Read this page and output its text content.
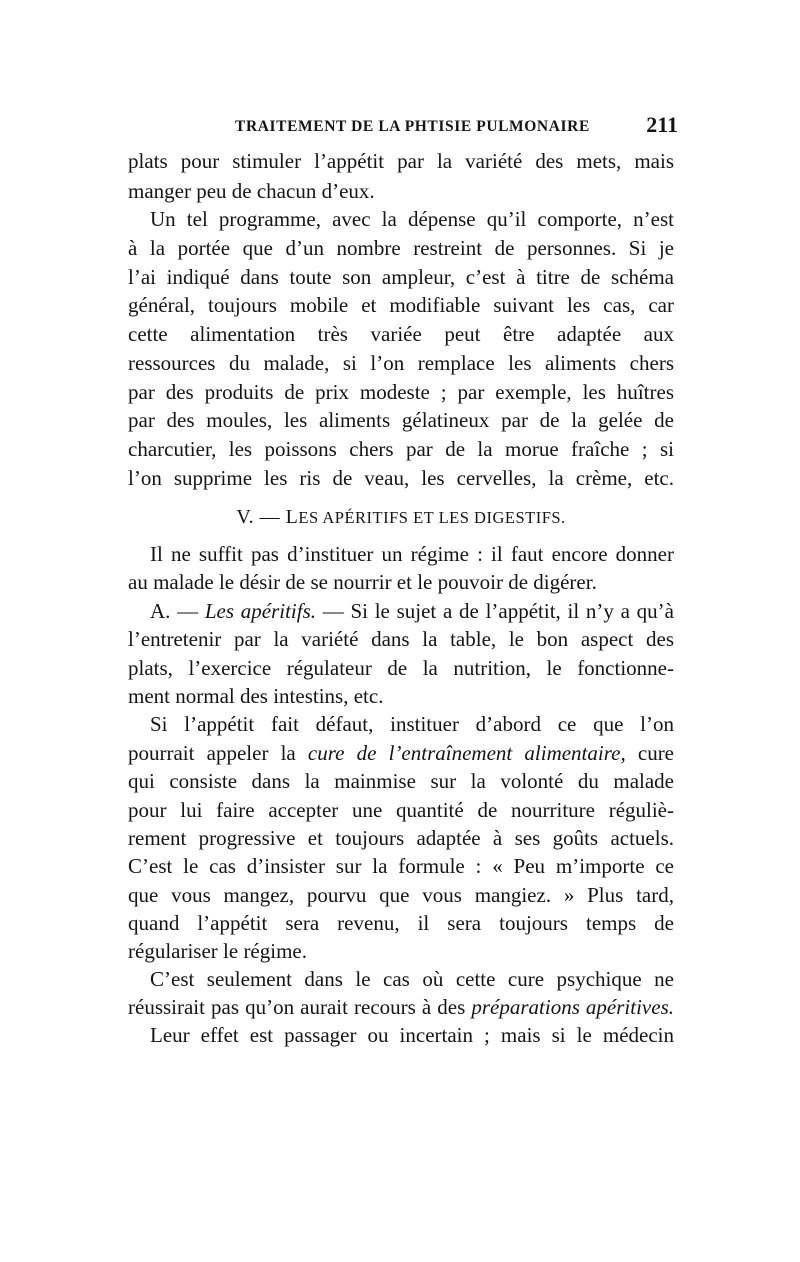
TRAITEMENT DE LA PHTISIE PULMONAIRE	211
plats pour stimuler l’appétit par la variété des mets, mais
manger peu de chacun d’eux.
Un tel programme, avec la dépense qu’il comporte, n’est
à la portée que d’un nombre restreint de personnes. Si je
l’ai indiqué dans toute son ampleur, c’est à titre de schéma
général, toujours mobile et modifiable suivant les cas, car
cette alimentation très variée peut être adaptée aux
ressources du malade, si l’on remplace les aliments chers
par des produits de prix modeste ; par exemple, les huîtres
par des moules, les aliments gélatineux par de la gelée de
charcutier, les poissons chers par de la morue fraîche ; si
l’on supprime les ris de veau, les cervelles, la crème, etc.
V. — LES APÉRITIFS ET LES DIGESTIFS.
Il ne suffit pas d’instituer un régime : il faut encore donner
au malade le désir de se nourrir et le pouvoir de digérer.
A. — Les apéritifs. — Si le sujet a de l’appétit, il n’y a qu’à
l’entretenir par la variété dans la table, le bon aspect des
plats, l’exercice régulateur de la nutrition, le fonctionne-
ment normal des intestins, etc.
Si l’appétit fait défaut, instituer d’abord ce que l’on
pourrait appeler la cure de l’entraînement alimentaire, cure
qui consiste dans la mainmise sur la volonté du malade
pour lui faire accepter une quantité de nourriture réguliè-
rement progressive et toujours adaptée à ses goûts actuels.
C’est le cas d’insister sur la formule : « Peu m’importe ce
que vous mangez, pourvu que vous mangiez. » Plus tard,
quand l’appétit sera revenu, il sera toujours temps de
régulariser le régime.
C’est seulement dans le cas où cette cure psychique ne
réussirait pas qu’on aurait recours à des préparations apéritives.
Leur effet est passager ou incertain ; mais si le médecin
